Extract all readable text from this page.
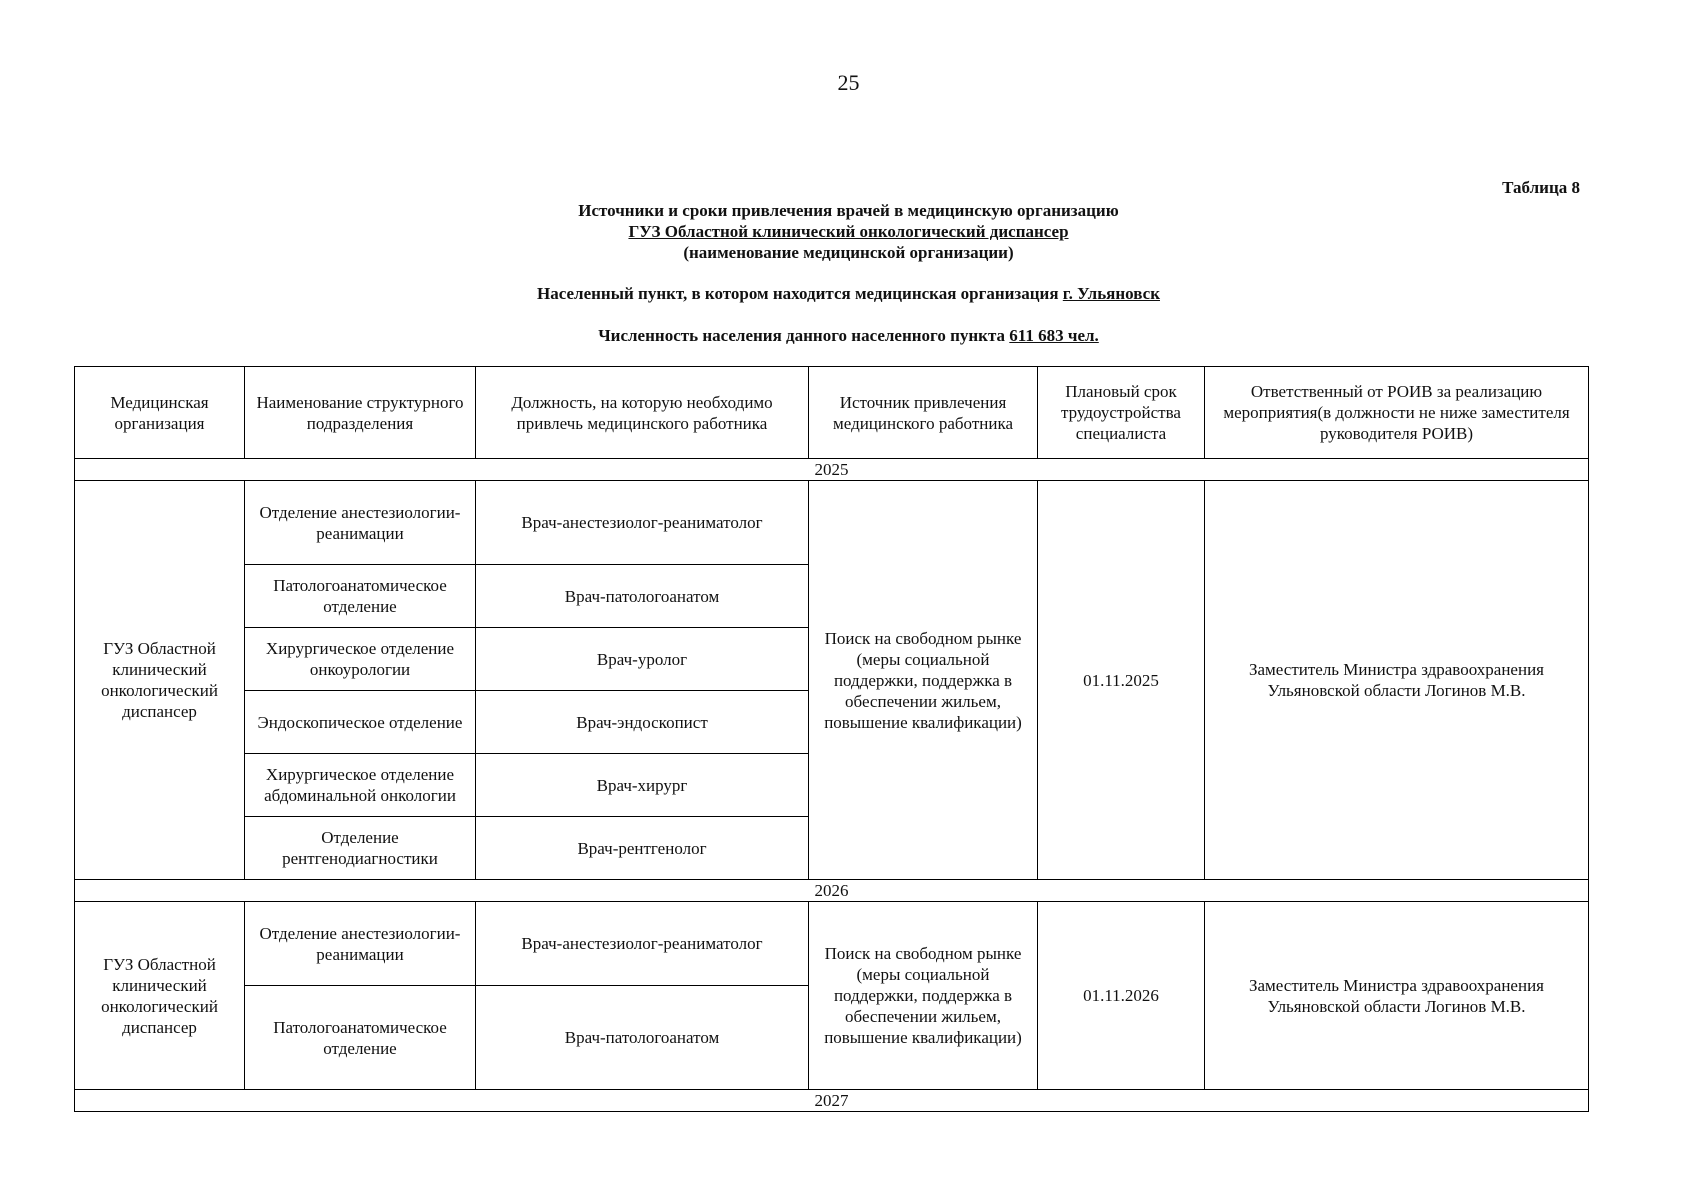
25
Таблица 8
Источники и сроки привлечения врачей в медицинскую организацию
ГУЗ Областной клинический онкологический диспансер
(наименование медицинской организации)
Населенный пункт, в котором находится медицинская организация г. Ульяновск
Численность населения данного населенного пункта 611 683 чел.
Медицинская организация	Наименование структурного подразделения	Должность, на которую необходимо привлечь медицинского работника	Источник привлечения медицинского работника	Плановый срок трудоустройства специалиста	Ответственный от РОИВ за реализацию мероприятия(в должности не ниже заместителя руководителя РОИВ)
2025					
ГУЗ Областной клинический онкологический диспансер	Отделение анестезиологии-реанимации	Врач-анестезиолог-реаниматолог	Поиск на свободном рынке (меры социальной поддержки, поддержка в обеспечении жильем, повышение квалификации)	01.11.2025	Заместитель Министра здравоохранения Ульяновской области Логинов М.В.
	Патологоанатомическое отделение	Врач-патологоанатом			
	Хирургическое отделение онкоурологии	Врач-уролог			
	Эндоскопическое отделение	Врач-эндоскопист			
	Хирургическое отделение абдоминальной онкологии	Врач-хирург			
	Отделение рентгенодиагностики	Врач-рентгенолог			
2026					
ГУЗ Областной клинический онкологический диспансер	Отделение анестезиологии-реанимации	Врач-анестезиолог-реаниматолог	Поиск на свободном рынке (меры социальной поддержки, поддержка в обеспечении жильем, повышение квалификации)	01.11.2026	Заместитель Министра здравоохранения Ульяновской области Логинов М.В.
	Патологоанатомическое отделение	Врач-патологоанатом			
2027					
